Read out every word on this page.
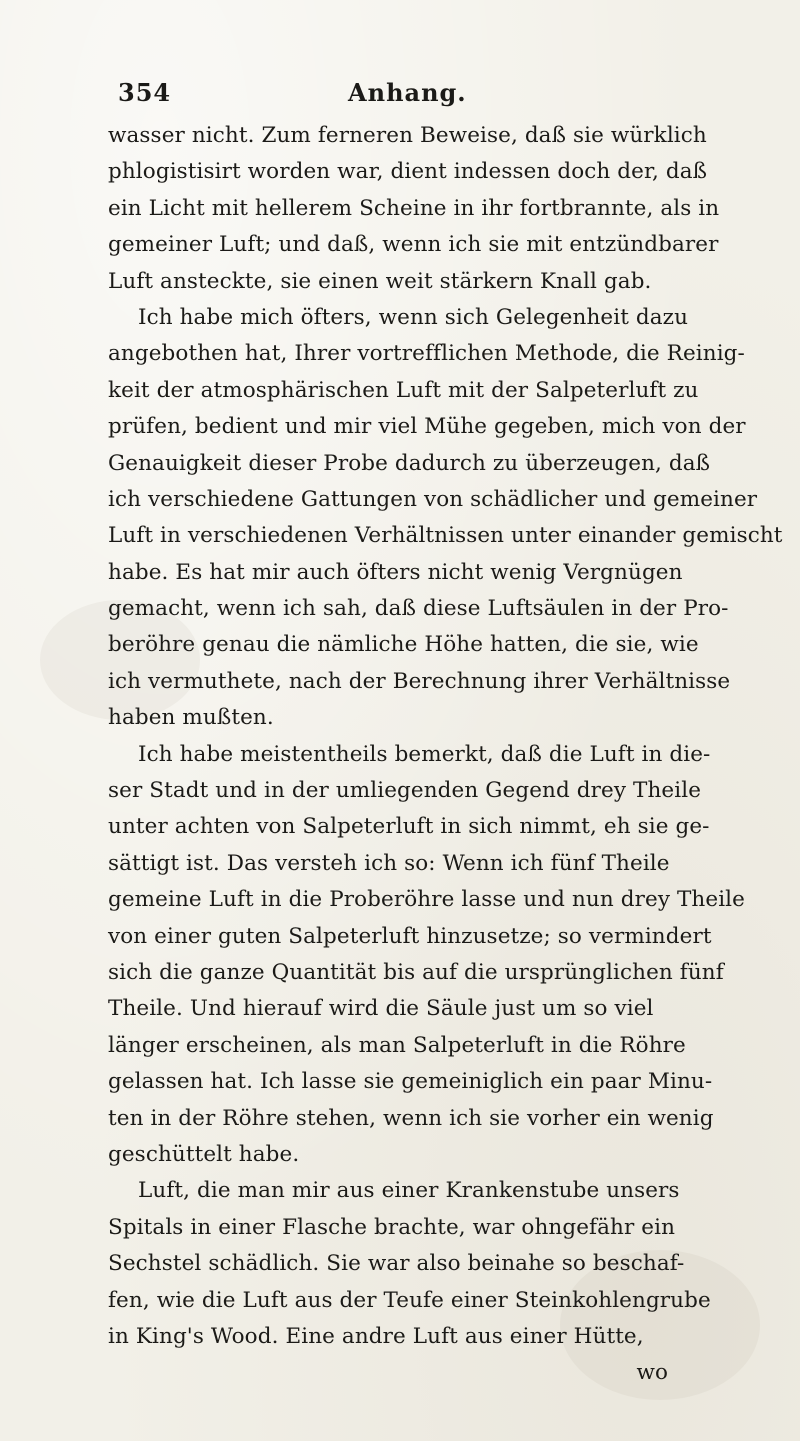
354	Anhang.
wasser nicht. Zum ferneren Beweise, daß sie würklich
phlogistisirt worden war, dient indessen doch der, daß
ein Licht mit hellerem Scheine in ihr fortbrannte, als in
gemeiner Luft; und daß, wenn ich sie mit entzündbarer
Luft ansteckte, sie einen weit stärkern Knall gab.
Ich habe mich öfters, wenn sich Gelegenheit dazu
angebothen hat, Ihrer vortrefflichen Methode, die Reinig-
keit der atmosphärischen Luft mit der Salpeterluft zu
prüfen, bedient und mir viel Mühe gegeben, mich von der
Genauigkeit dieser Probe dadurch zu überzeugen, daß
ich verschiedene Gattungen von schädlicher und gemeiner
Luft in verschiedenen Verhältnissen unter einander gemischt
habe. Es hat mir auch öfters nicht wenig Vergnügen
gemacht, wenn ich sah, daß diese Luftsäulen in der Pro-
beröhre genau die nämliche Höhe hatten, die sie, wie
ich vermuthete, nach der Berechnung ihrer Verhältnisse
haben mußten.
Ich habe meistentheils bemerkt, daß die Luft in die-
ser Stadt und in der umliegenden Gegend drey Theile
unter achten von Salpeterluft in sich nimmt, eh sie ge-
sättigt ist. Das versteh ich so: Wenn ich fünf Theile
gemeine Luft in die Proberöhre lasse und nun drey Theile
von einer guten Salpeterluft hinzusetze; so vermindert
sich die ganze Quantität bis auf die ursprünglichen fünf
Theile. Und hierauf wird die Säule just um so viel
länger erscheinen, als man Salpeterluft in die Röhre
gelassen hat. Ich lasse sie gemeiniglich ein paar Minu-
ten in der Röhre stehen, wenn ich sie vorher ein wenig
geschüttelt habe.
Luft, die man mir aus einer Krankenstube unsers
Spitals in einer Flasche brachte, war ohngefähr ein
Sechstel schädlich. Sie war also beinahe so beschaf-
fen, wie die Luft aus der Teufe einer Steinkohlengrube
in King's Wood. Eine andre Luft aus einer Hütte,
wo
